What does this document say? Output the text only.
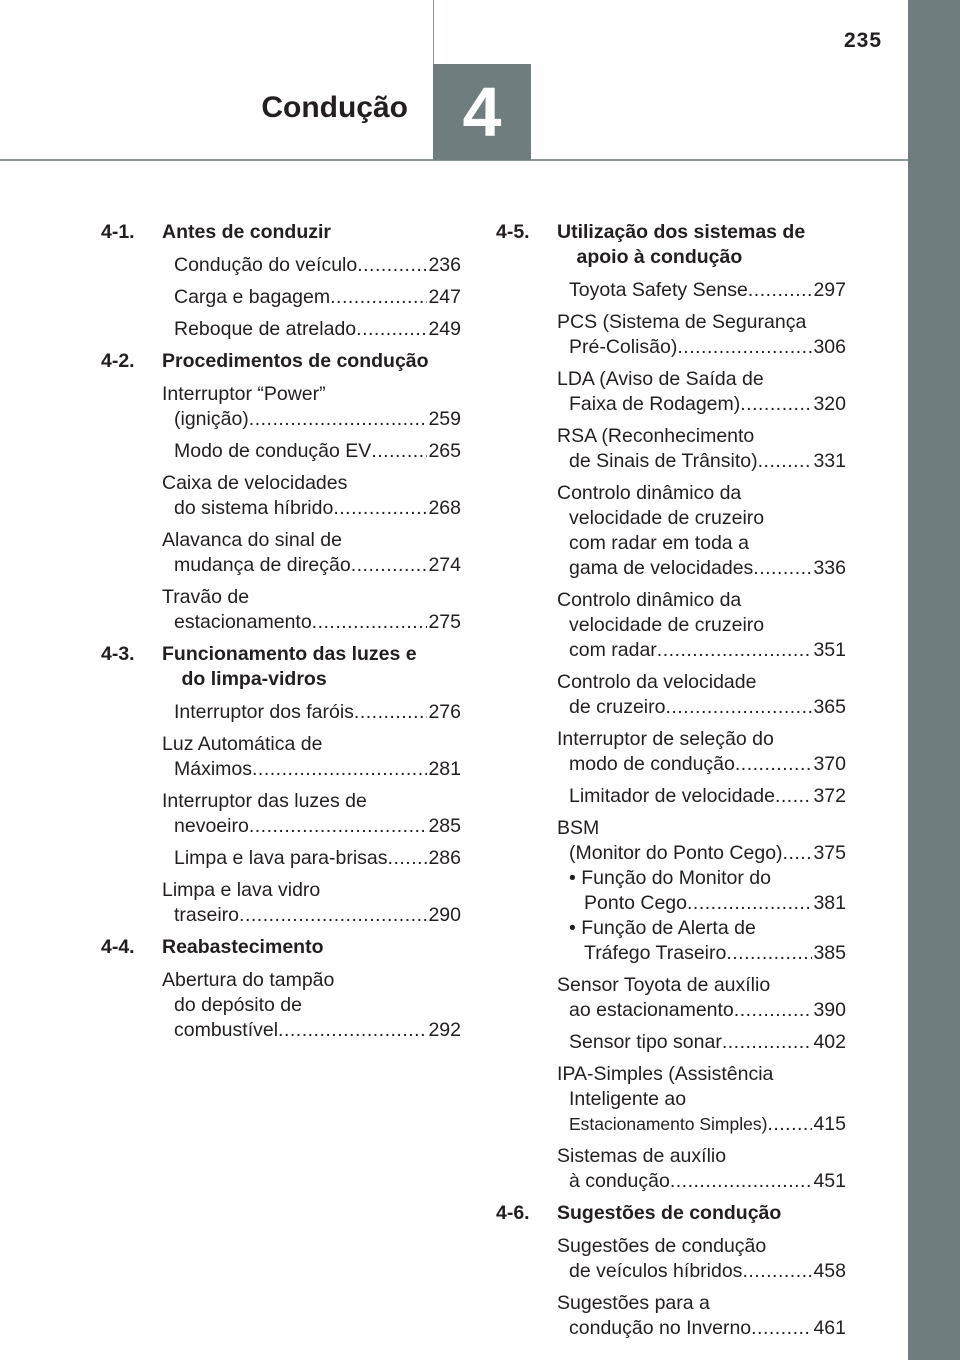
235
Condução 4
4-1.	Antes de conduzir
Condução do veículo .....	236
Carga e bagagem .....	247
Reboque de atrelado .....	249
4-2.	Procedimentos de condução
Interruptor “Power”
(ignição) .....	259
Modo de condução EV .....	265
Caixa de velocidades
do sistema híbrido .....	268
Alavanca do sinal de
mudança de direção .....	274
Travão de
estacionamento .....	275
4-3.	Funcionamento das luzes e
do limpa-vidros
Interruptor dos faróis .....	276
Luz Automática de
Máximos .....	281
Interruptor das luzes de
nevoeiro .....	285
Limpa e lava para-brisas ..... 286
Limpa e lava vidro
traseiro .....	290
4-4.	Reabastecimento
Abertura do tampão
do depósito de
combustível .....	292
4-5.	Utilização dos sistemas de
apoio à condução
Toyota Safety Sense .....	297
PCS (Sistema de Segurança
Pré-Colisão) .....	306
LDA (Aviso de Saída de
Faixa de Rodagem) .....	320
RSA (Reconhecimento
de Sinais de Trânsito) .....	331
Controlo dinâmico da
velocidade de cruzeiro
com radar em toda a
gama de velocidades .....	336
Controlo dinâmico da
velocidade de cruzeiro
com radar .....	351
Controlo da velocidade
de cruzeiro .....	365
Interruptor de seleção do
modo de condução .....	370
Limitador de velocidade ..... 372
BSM
(Monitor do Ponto Cego) ..... 375
• Função do Monitor do
Ponto Cego .....	381
• Função de Alerta de
Tráfego Traseiro .....	385
Sensor Toyota de auxílio
ao estacionamento .....	390
Sensor tipo sonar .....	402
IPA-Simples (Assistência
Inteligente ao
Estacionamento Simples) ..... 415
Sistemas de auxílio
à condução .....	451
4-6.	Sugestões de condução
Sugestões de condução
de veículos híbridos .....	458
Sugestões para a
condução no Inverno .....	461
